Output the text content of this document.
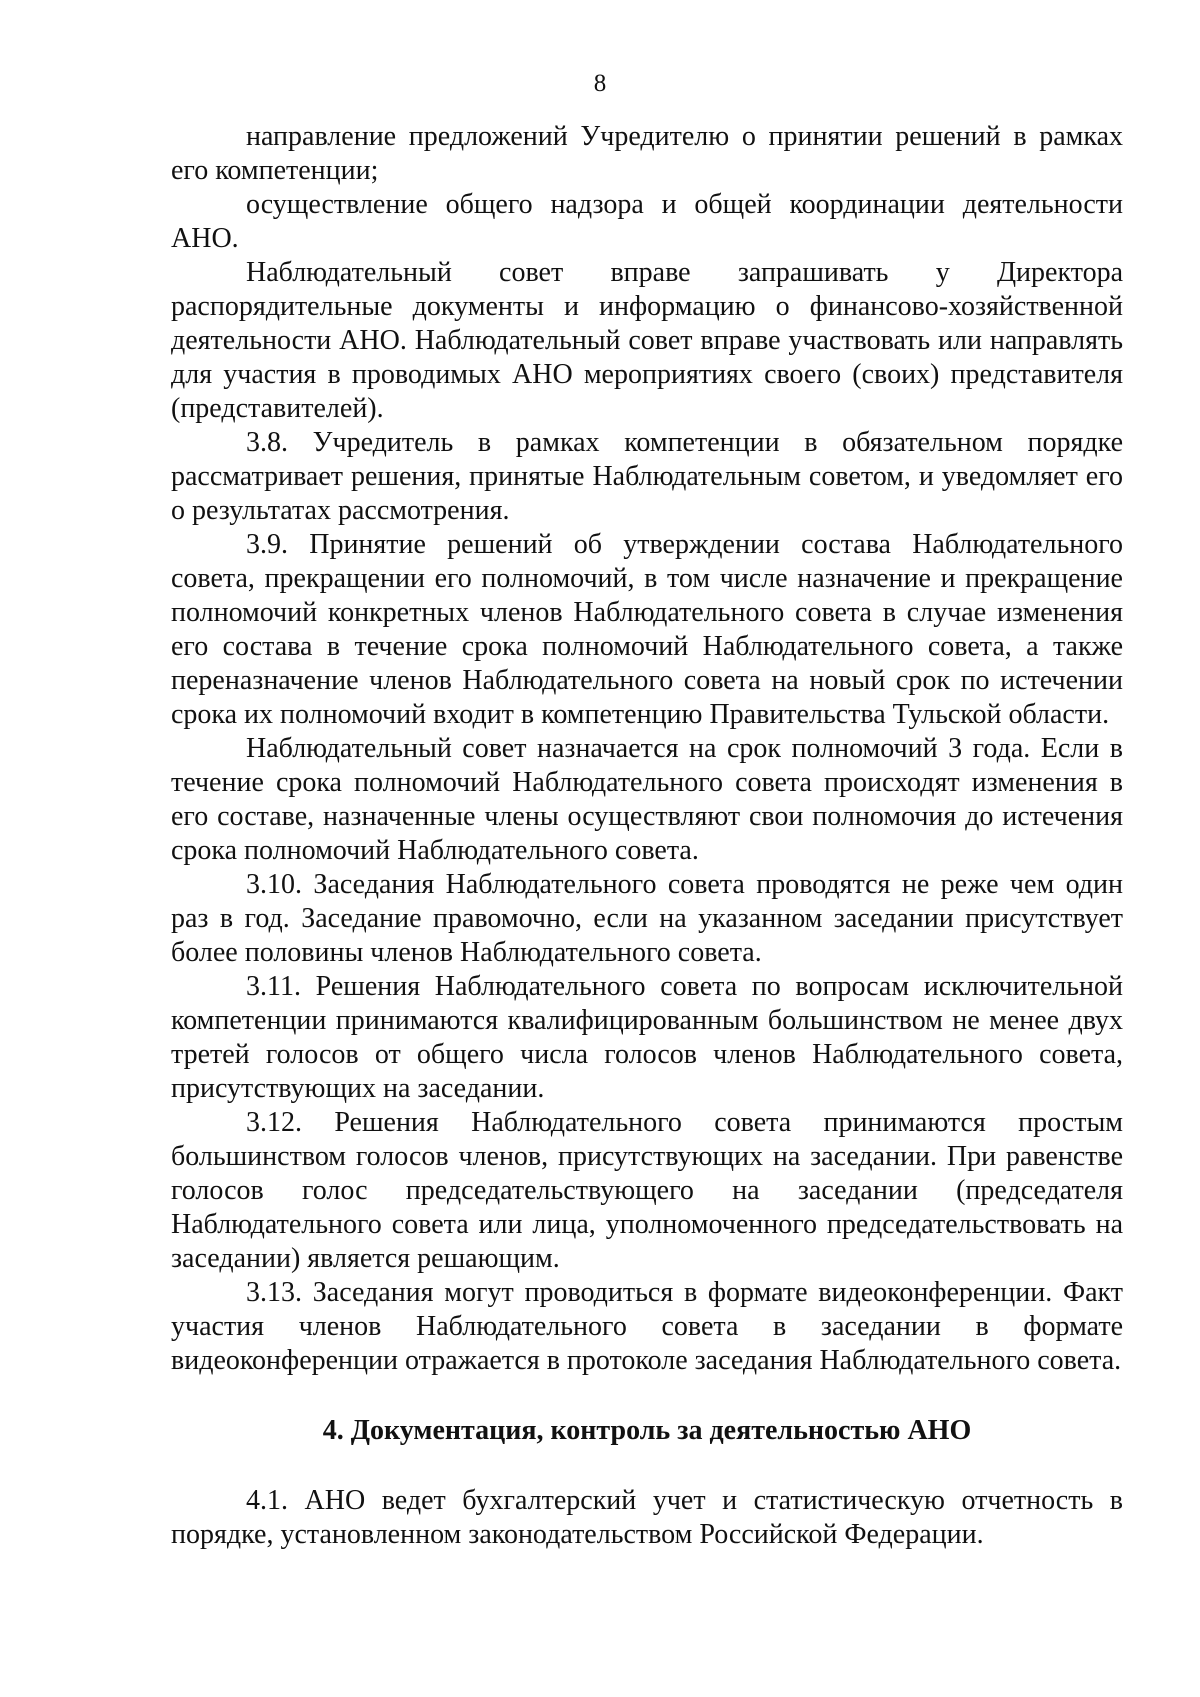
8

направление предложений Учредителю о принятии решений в рамках его компетенции;

осуществление общего надзора и общей координации деятельности АНО.

Наблюдательный совет вправе запрашивать у Директора распорядительные документы и информацию о финансово-хозяйственной деятельности АНО. Наблюдательный совет вправе участвовать или направлять для участия в проводимых АНО мероприятиях своего (своих) представителя (представителей).

3.8. Учредитель в рамках компетенции в обязательном порядке рассматривает решения, принятые Наблюдательным советом, и уведомляет его о результатах рассмотрения.

3.9. Принятие решений об утверждении состава Наблюдательного совета, прекращении его полномочий, в том числе назначение и прекращение полномочий конкретных членов Наблюдательного совета в случае изменения его состава в течение срока полномочий Наблюдательного совета, а также переназначение членов Наблюдательного совета на новый срок по истечении срока их полномочий входит в компетенцию Правительства Тульской области.

Наблюдательный совет назначается на срок полномочий 3 года. Если в течение срока полномочий Наблюдательного совета происходят изменения в его составе, назначенные члены осуществляют свои полномочия до истечения срока полномочий Наблюдательного совета.

3.10. Заседания Наблюдательного совета проводятся не реже чем один раз в год. Заседание правомочно, если на указанном заседании присутствует более половины членов Наблюдательного совета.

3.11. Решения Наблюдательного совета по вопросам исключительной компетенции принимаются квалифицированным большинством не менее двух третей голосов от общего числа голосов членов Наблюдательного совета, присутствующих на заседании.

3.12. Решения Наблюдательного совета принимаются простым большинством голосов членов, присутствующих на заседании. При равенстве голосов голос председательствующего на заседании (председателя Наблюдательного совета или лица, уполномоченного председательствовать на заседании) является решающим.

3.13. Заседания могут проводиться в формате видеоконференции. Факт участия членов Наблюдательного совета в заседании в формате видеоконференции отражается в протоколе заседания Наблюдательного совета.

4. Документация, контроль за деятельностью АНО

4.1. АНО ведет бухгалтерский учет и статистическую отчетность в порядке, установленном законодательством Российской Федерации.
